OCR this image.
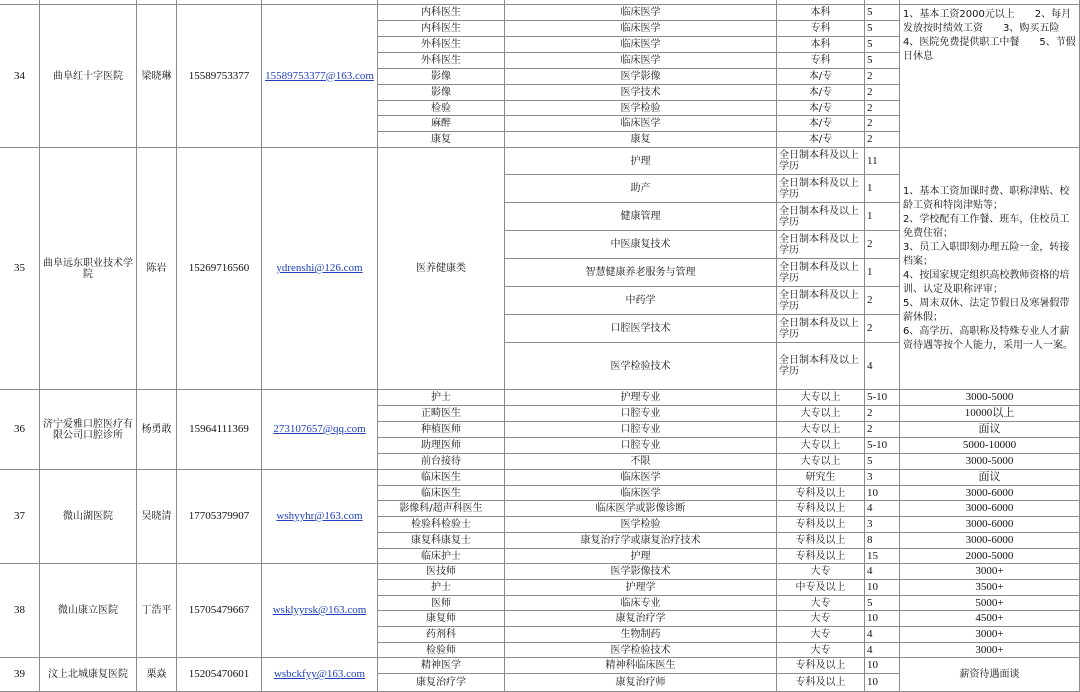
34	曲阜红十字医院	梁晓琳	15589753377	15589753377@163.com
内科医生	临床医学	本科	5
内科医生	临床医学	专科	5
外科医生	临床医学	本科	5
外科医生	临床医学	专科	5
影像	医学影像	本/专	2
影像	医学技术	本/专	2
检验	医学检验	本/专	2
麻醉	临床医学	本/专	2
康复	康复	本/专	2
1、基本工资2000元以上　　2、每月发放按时绩效工资　　3、购买五险　4、医院免费提供职工中餐　　5、节假日休息
35	曲阜远东职业技术学院	陈岩	15269716560	ydrenshi@126.com	医养健康类
护理	全日制本科及以上学历	11
助产	全日制本科及以上学历	1
健康管理	全日制本科及以上学历	1
中医康复技术	全日制本科及以上学历	2
智慧健康养老服务与管理	全日制本科及以上学历	1
中药学	全日制本科及以上学历	2
口腔医学技术	全日制本科及以上学历	2
医学检验技术	全日制本科及以上学历	4
1、基本工资加课时费、职称津贴、校龄工资和特岗津贴等；
2、学校配有工作餐、班车，住校员工免费住宿；
3、员工入职即刻办理五险一金，转接档案；
4、按国家规定组织高校教师资格的培训、认定及职称评审；
5、周末双休、法定节假日及寒暑假带薪休假；
6、高学历、高职称及特殊专业人才薪资待遇等按个人能力，采用一人一案。
36	济宁爱雅口腔医疗有限公司口腔诊所	杨勇敢	15964111369	273107657@qq.com
护士	护理专业	大专以上	5-10	3000-5000
正畸医生	口腔专业	大专以上	2	10000以上
种植医师	口腔专业	大专以上	2	面议
助理医师	口腔专业	大专以上	5-10	5000-10000
前台接待	不限	大专以上	5	3000-5000
37	微山湖医院	吴晓清	17705379907	wshyyhr@163.com
临床医生	临床医学	研究生	3	面议
临床医生	临床医学	专科及以上	10	3000-6000
影像科/超声科医生	临床医学或影像诊断	专科及以上	4	3000-6000
检验科检验士	医学检验	专科及以上	3	3000-6000
康复科康复士	康复治疗学或康复治疗技术	专科及以上	8	3000-6000
临床护士	护理	专科及以上	15	2000-5000
38	微山康立医院	丁浩平	15705479667	wsklyyrsk@163.com
医技师	医学影像技术	大专	4	3000+
护士	护理学	中专及以上	10	3500+
医师	临床专业	大专	5	5000+
康复师	康复治疗学	大专	10	4500+
药剂科	生物制药	大专	4	3000+
检验师	医学检验技术	大专	4	3000+
39	汶上北城康复医院	栗焱	15205470601	wsbckfyy@163.com
精神医学	精神科临床医生	专科及以上	10
康复治疗学	康复治疗师	专科及以上	10
薪资待遇面谈
